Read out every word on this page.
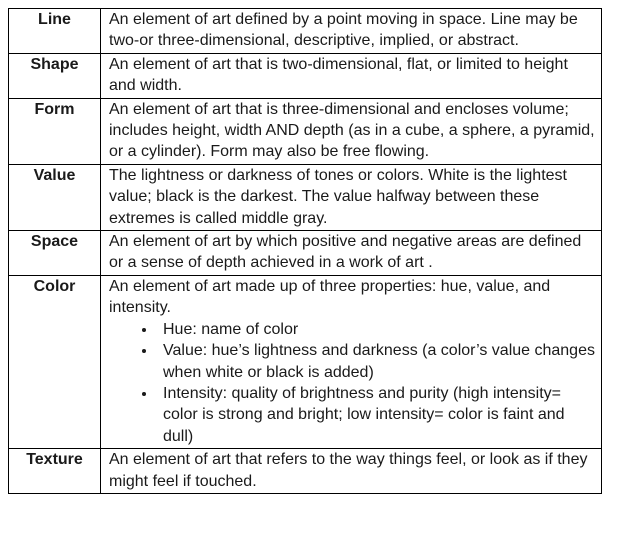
Line	An element of art defined by a point moving in space. Line may be two-or three-dimensional, descriptive, implied, or abstract.
Shape	An element of art that is two-dimensional, flat, or limited to height and width.
Form	An element of art that is three-dimensional and encloses volume; includes height, width AND depth (as in a cube, a sphere, a pyramid, or a cylinder). Form may also be free flowing.
Value	The lightness or darkness of tones or colors. White is the lightest value; black is the darkest. The value halfway between these extremes is called middle gray.
Space	An element of art by which positive and negative areas are defined or a sense of depth achieved in a work of art .
Color	An element of art made up of three properties: hue, value, and intensity.
• Hue: name of color
• Value: hue’s lightness and darkness (a color’s value changes when white or black is added)
• Intensity: quality of brightness and purity (high intensity= color is strong and bright; low intensity= color is faint and dull)

Texture	An element of art that refers to the way things feel, or look as if they might feel if touched.
